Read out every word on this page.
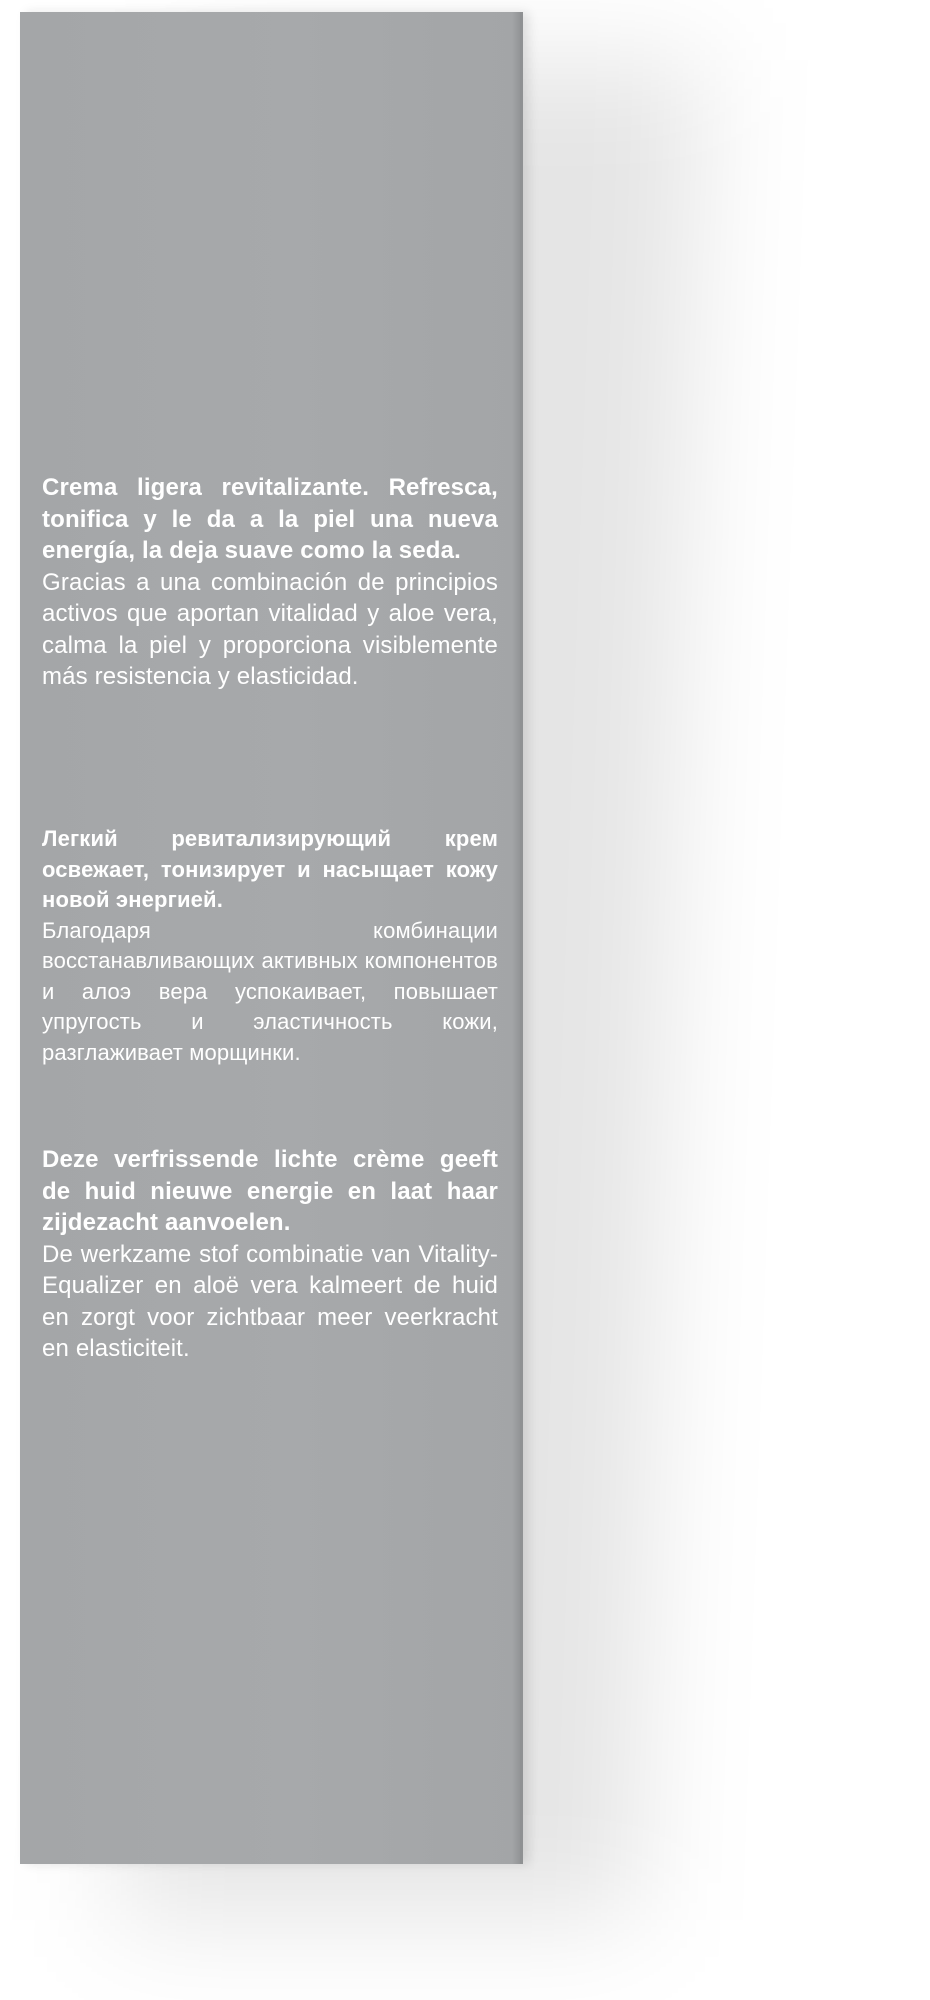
Crema ligera revitalizante. Refresca, tonifica y le da a la piel una nueva energía, la deja suave como la seda.
Gracias a una combinación de principios activos que aportan vitalidad y aloe vera, calma la piel y proporciona visiblemente más resistencia y elasticidad.
Легкий ревитализирующий крем освежает, тонизирует и насыщает кожу новой энергией.
Благодаря комбинации восстанавливающих активных компонентов и алоэ вера успокаивает, повышает упругость и эластичность кожи, разглаживает морщинки.
Deze verfrissende lichte crème geeft de huid nieuwe energie en laat haar zijdezacht aanvoelen.
De werkzame stof combinatie van Vitality-Equalizer en aloë vera kalmeert de huid en zorgt voor zichtbaar meer veerkracht en elasticiteit.
